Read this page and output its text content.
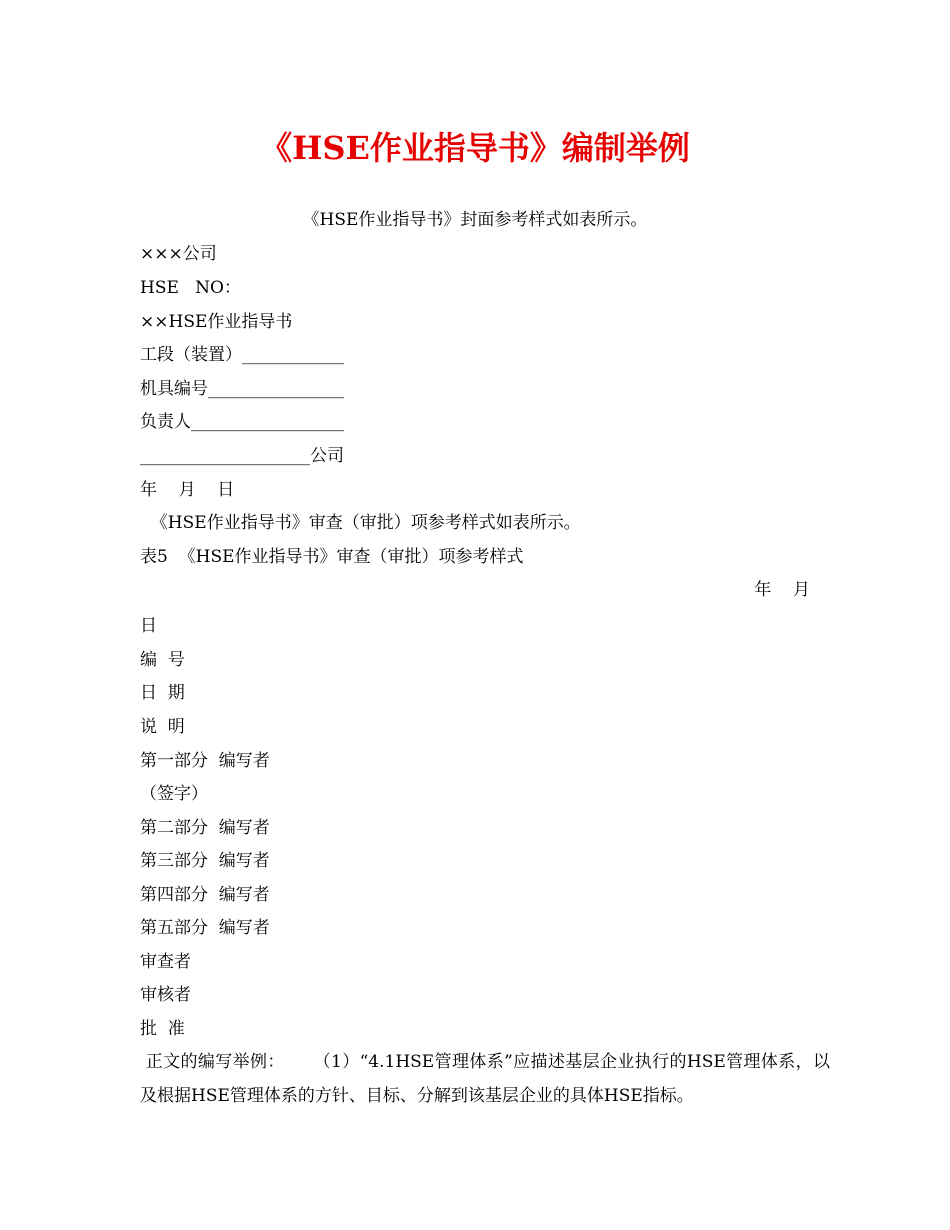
《HSE作业指导书》编制举例
《HSE作业指导书》封面参考样式如表所示。
×××公司
HSE   NO：
××HSE作业指导书
工段（装置）____________
机具编号________________
负责人__________________
____________________公司
年    月    日
《HSE作业指导书》审查（审批）项参考样式如表所示。
表5  《HSE作业指导书》审查（审批）项参考样式
年    月
日
编  号
日  期
说  明
第一部分  编写者
（签字）
第二部分  编写者
第三部分  编写者
第四部分  编写者
第五部分  编写者
审查者
审核者
批  准
正文的编写举例：     （1）“4.1HSE管理体系”应描述基层企业执行的HSE管理体系，以及根据HSE管理体系的方针、目标、分解到该基层企业的具体HSE指标。
